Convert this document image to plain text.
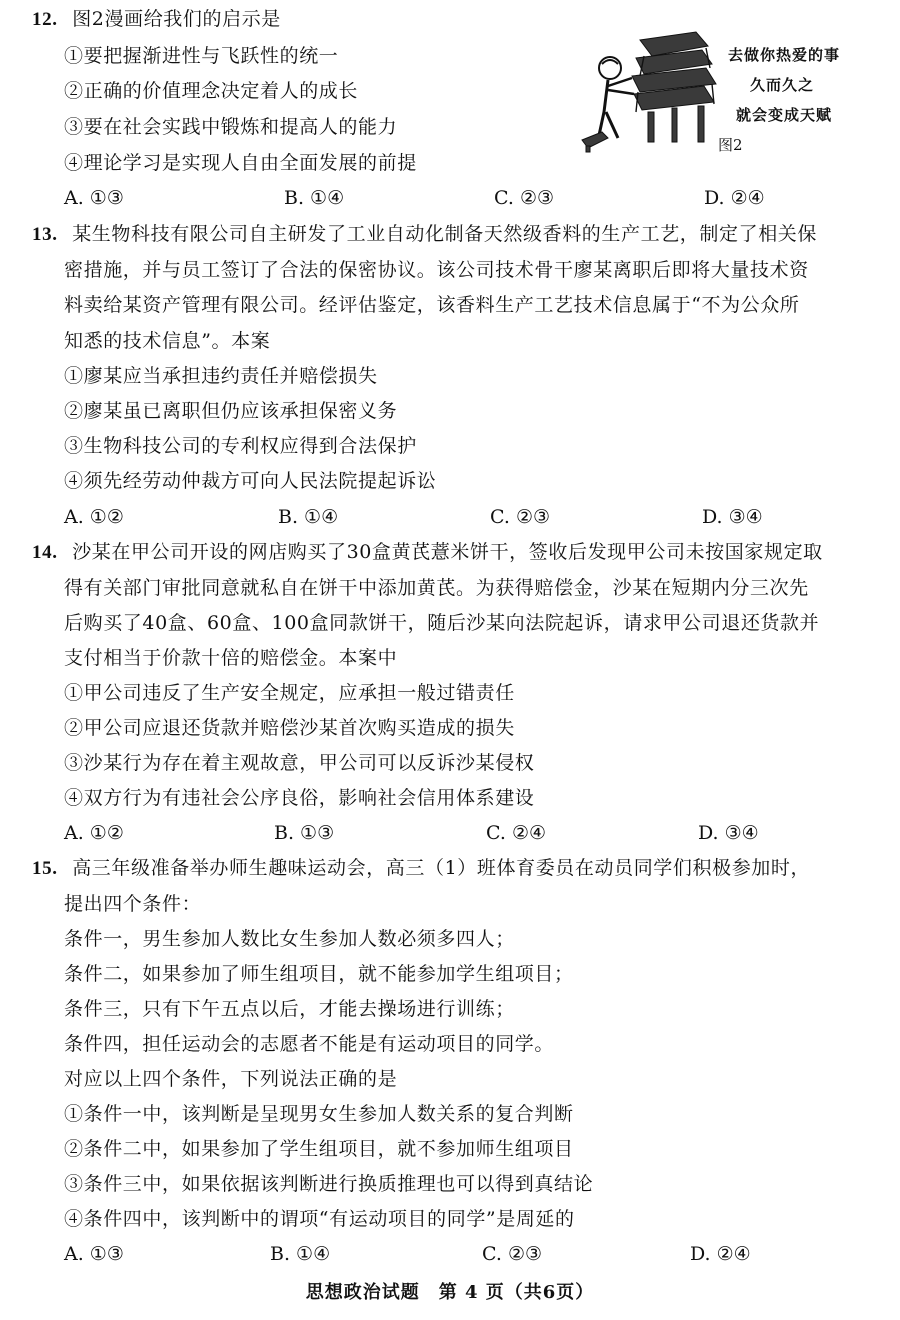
12. 图2漫画给我们的启示是
①要把握渐进性与飞跃性的统一
②正确的价值理念决定着人的成长
③要在社会实践中锻炼和提高人的能力
④理论学习是实现人自由全面发展的前提
A. ①③	B. ①④	C. ②③	D. ②④
去做你热爱的事
久而久之
就会变成天赋
图2
13. 某生物科技有限公司自主研发了工业自动化制备天然级香料的生产工艺，制定了相关保
密措施，并与员工签订了合法的保密协议。该公司技术骨干廖某离职后即将大量技术资
料卖给某资产管理有限公司。经评估鉴定，该香料生产工艺技术信息属于“不为公众所
知悉的技术信息”。本案
①廖某应当承担违约责任并赔偿损失
②廖某虽已离职但仍应该承担保密义务
③生物科技公司的专利权应得到合法保护
④须先经劳动仲裁方可向人民法院提起诉讼
A. ①②	B. ①④	C. ②③	D. ③④
14. 沙某在甲公司开设的网店购买了30盒黄芪薏米饼干，签收后发现甲公司未按国家规定取
得有关部门审批同意就私自在饼干中添加黄芪。为获得赔偿金，沙某在短期内分三次先
后购买了40盒、60盒、100盒同款饼干，随后沙某向法院起诉，请求甲公司退还货款并
支付相当于价款十倍的赔偿金。本案中
①甲公司违反了生产安全规定，应承担一般过错责任
②甲公司应退还货款并赔偿沙某首次购买造成的损失
③沙某行为存在着主观故意，甲公司可以反诉沙某侵权
④双方行为有违社会公序良俗，影响社会信用体系建设
A. ①②	B. ①③	C. ②④	D. ③④
15. 高三年级准备举办师生趣味运动会，高三（1）班体育委员在动员同学们积极参加时，
提出四个条件：
条件一，男生参加人数比女生参加人数必须多四人；
条件二，如果参加了师生组项目，就不能参加学生组项目；
条件三，只有下午五点以后，才能去操场进行训练；
条件四，担任运动会的志愿者不能是有运动项目的同学。
对应以上四个条件，下列说法正确的是
①条件一中，该判断是呈现男女生参加人数关系的复合判断
②条件二中，如果参加了学生组项目，就不参加师生组项目
③条件三中，如果依据该判断进行换质推理也可以得到真结论
④条件四中，该判断中的谓项“有运动项目的同学”是周延的
A. ①③	B. ①④	C. ②③	D. ②④
思想政治试题　第 4 页（共6页）
